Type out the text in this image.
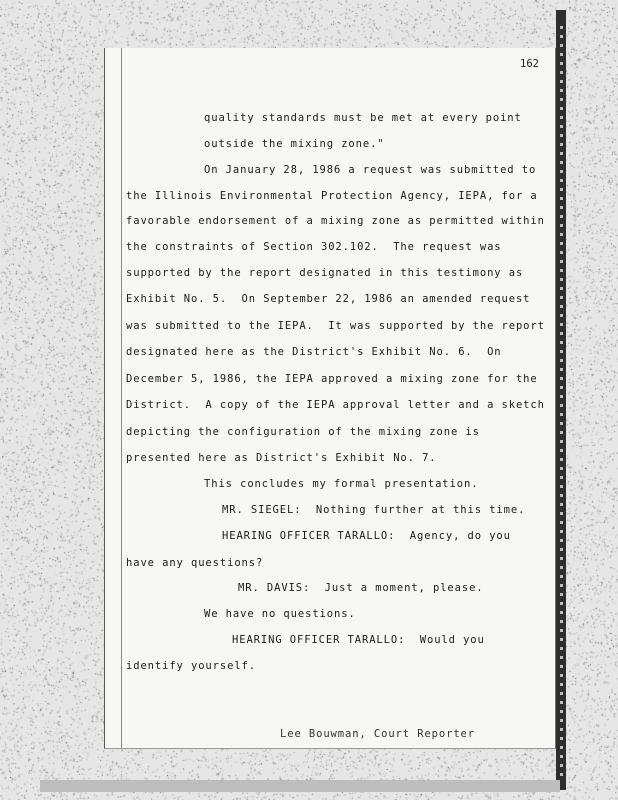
162

quality standards must be met at every point

outside the mixing zone."

On January 28, 1986 a request was submitted to

the Illinois Environmental Protection Agency, IEPA, for a

favorable endorsement of a mixing zone as permitted within

the constraints of Section 302.102.  The request was

supported by the report designated in this testimony as

Exhibit No. 5.  On September 22, 1986 an amended request

was submitted to the IEPA.  It was supported by the report

designated here as the District's Exhibit No. 6.  On

December 5, 1986, the IEPA approved a mixing zone for the

District.  A copy of the IEPA approval letter and a sketch

depicting the configuration of the mixing zone is

presented here as District's Exhibit No. 7.

This concludes my formal presentation.

MR. SIEGEL:  Nothing further at this time.

HEARING OFFICER TARALLO:  Agency, do you

have any questions?

MR. DAVIS:  Just a moment, please.

We have no questions.

HEARING OFFICER TARALLO:  Would you

identify yourself.

Lee Bouwman, Court Reporter
